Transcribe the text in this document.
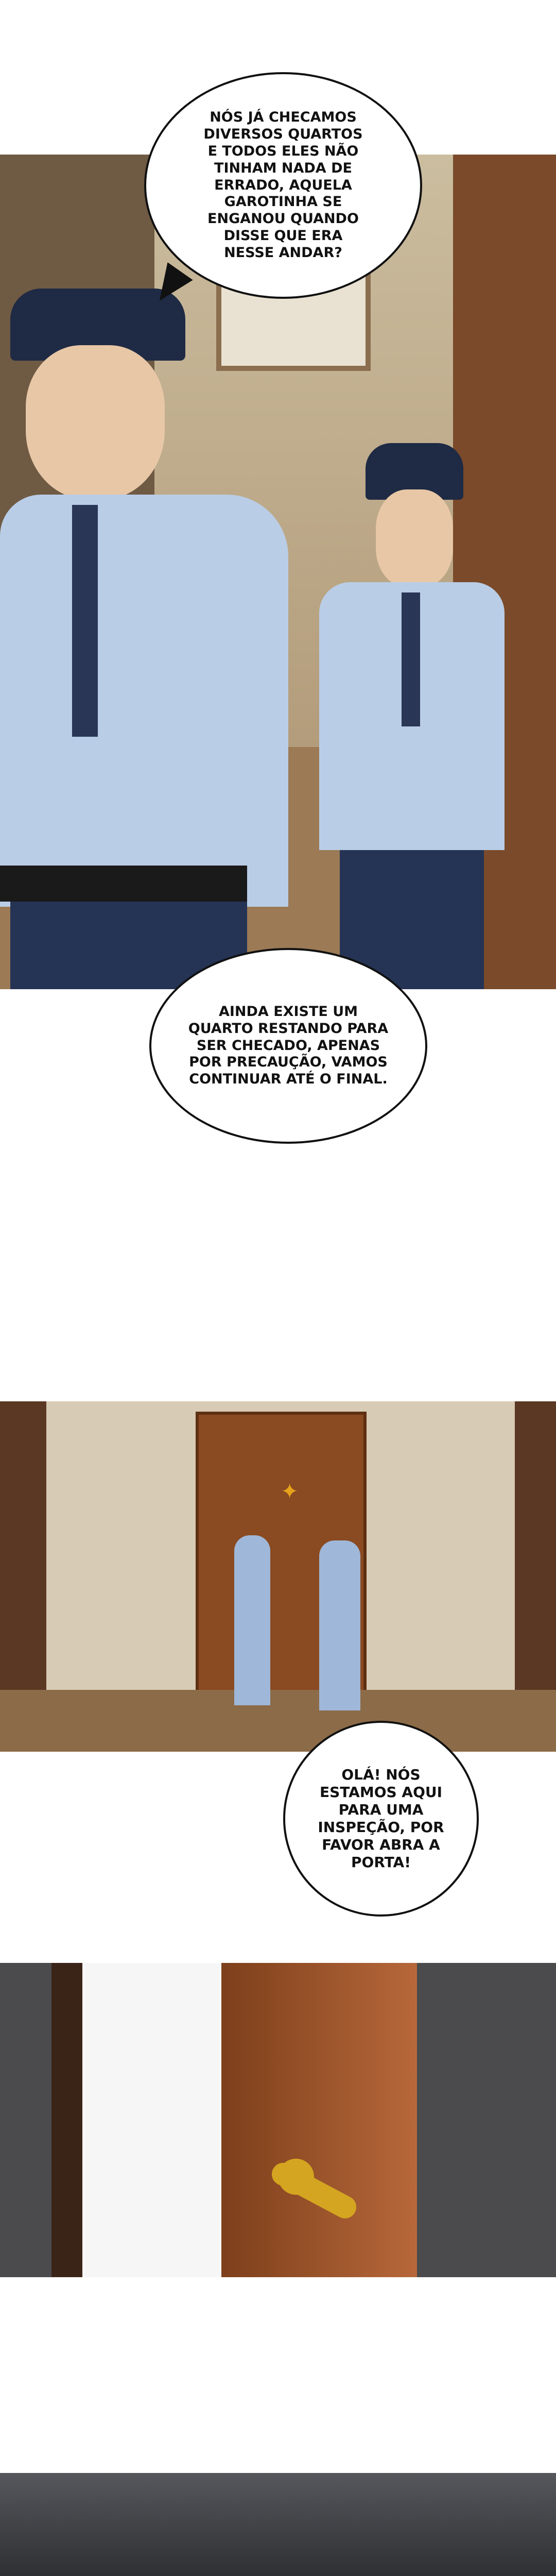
NÓS JÁ CHECAMOS
DIVERSOS QUARTOS
E TODOS ELES NÃO
TINHAM NADA DE
ERRADO, AQUELA
GAROTINHA SE
ENGANOU QUANDO
DISSE QUE ERA
NESSE ANDAR?
AINDA EXISTE UM
QUARTO RESTANDO PARA
SER CHECADO, APENAS
POR PRECAUÇÃO, VAMOS
CONTINUAR ATÉ O FINAL.
✦
OLÁ! NÓS
ESTAMOS AQUI
PARA UMA
INSPEÇÃO, POR
FAVOR ABRA A
PORTA!
